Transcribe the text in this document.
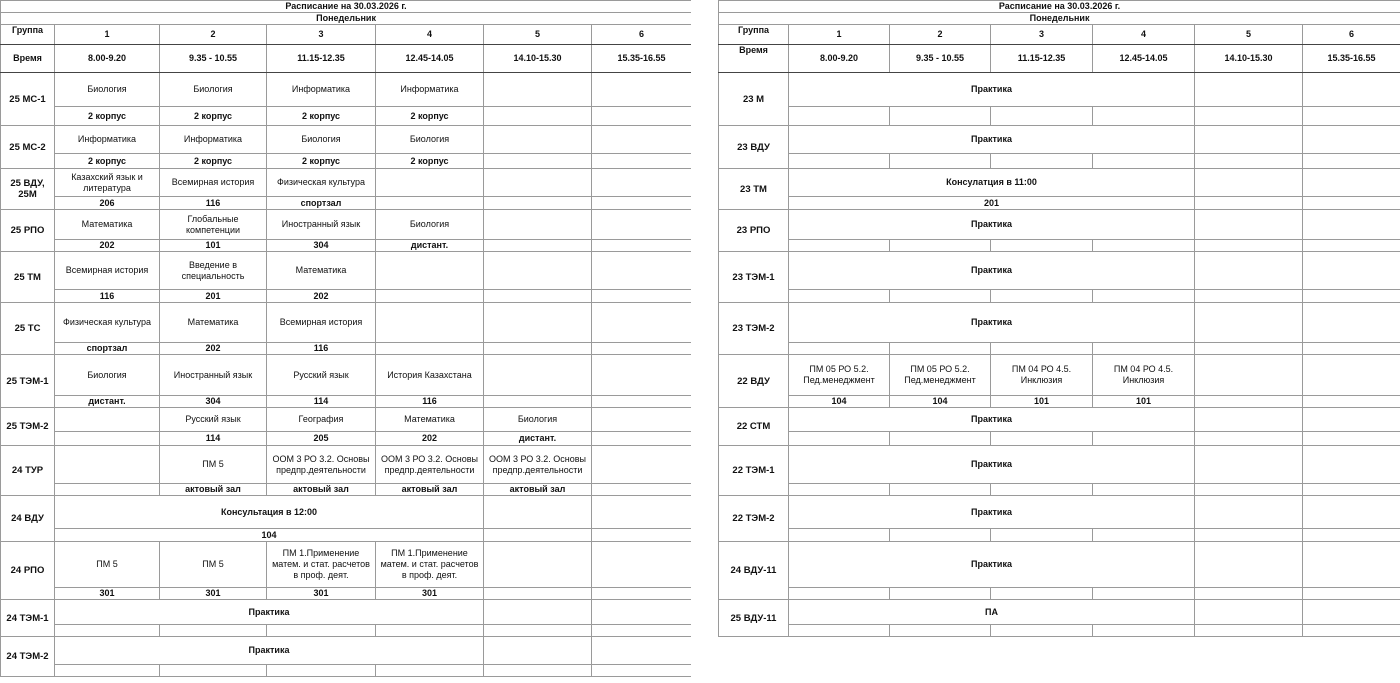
Расписание на 30.03.2026 г.						
Понедельник						
Группа	1	2	3	4	5	6
Время	8.00-9.20	9.35 - 10.55	11.15-12.35	12.45-14.05	14.10-15.30	15.35-16.55
25 МС-1	Биология	Биология	Информатика	Информатика		
	2 корпус	2 корпус	2 корпус	2 корпус		
25 МС-2	Информатика	Информатика	Биология	Биология		
	2 корпус	2 корпус	2 корпус	2 корпус		
25 ВДУ, 25М	Казахский язык и литература	Всемирная история	Физическая культура			
	206	116	спортзал			
25 РПО	Математика	Глобальные компетенции	Иностранный язык	Биология		
	202	101	304	дистант.		
25 ТМ	Всемирная история	Введение в специальность	Математика			
	116	201	202			
25 ТС	Физическая культура	Математика	Всемирная история			
	спортзал	202	116			
25 ТЭМ-1	Биология	Иностранный язык	Русский язык	История Казахстана		
	дистант.	304	114	116		
25 ТЭМ-2		Русский язык	География	Математика	Биология	
		114	205	202	дистант.	
24 ТУР		ПМ 5	ООМ 3 РО 3.2. Основы предпр.деятельности	ООМ 3 РО 3.2. Основы предпр.деятельности	ООМ 3 РО 3.2. Основы предпр.деятельности	
		актовый зал	актовый зал	актовый зал	актовый зал	
24 ВДУ	Консультация в 12:00					
	104					
24 РПО	ПМ 5	ПМ 5	ПМ 1.Применение матем. и стат. расчетов в проф. деят.	ПМ 1.Применение матем. и стат. расчетов в проф. деят.		
	301	301	301	301		
24 ТЭМ-1	Практика					

24 ТЭМ-2	Практика					

Расписание на 30.03.2026 г.						
Понедельник						
Группа	1	2	3	4	5	6
Время	8.00-9.20	9.35 - 10.55	11.15-12.35	12.45-14.05	14.10-15.30	15.35-16.55
23 М	Практика					

23 ВДУ	Практика					

23 ТМ	Консулатция в 11:00					
	201					
23 РПО	Практика					

23 ТЭМ-1	Практика					

23 ТЭМ-2	Практика					

22 ВДУ	ПМ 05 РО 5.2. Пед.менеджмент	ПМ 05 РО 5.2. Пед.менеджмент	ПМ 04 РО 4.5. Инклюзия	ПМ 04 РО 4.5. Инклюзия		
	104	104	101	101		
22 СТМ	Практика					

22 ТЭМ-1	Практика					

22 ТЭМ-2	Практика					

24 ВДУ-11	Практика					

25 ВДУ-11	ПА					
